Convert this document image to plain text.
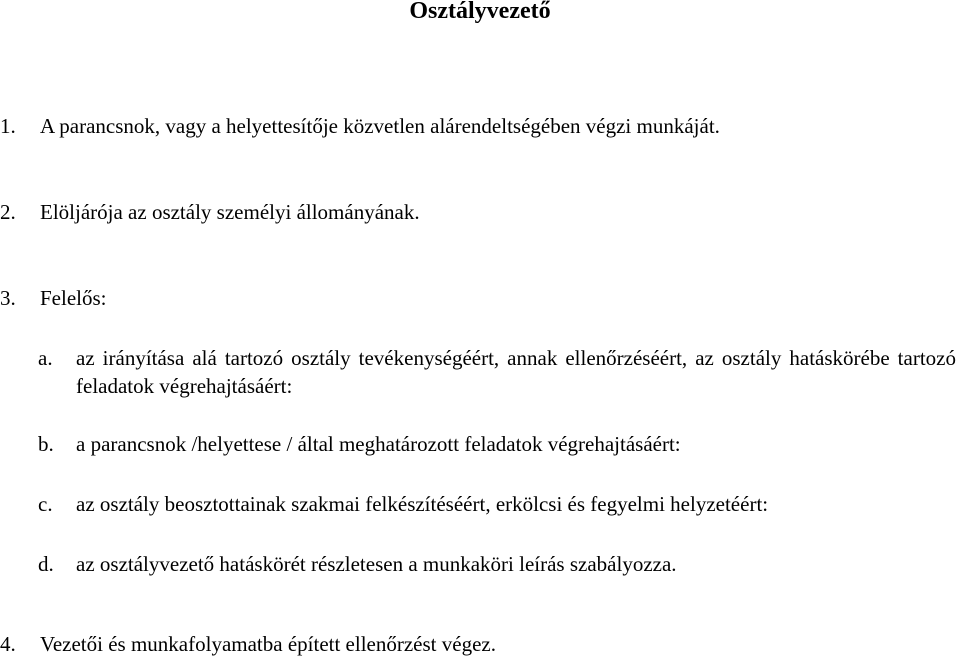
Osztályvezető
1. A parancsnok, vagy a helyettesítője közvetlen alárendeltségében végzi munkáját.
2. Elöljárója az osztály személyi állományának.
3. Felelős:
a. az irányítása alá tartozó osztály tevékenységéért, annak ellenőrzéséért, az osztály hatáskörébe tartozó feladatok végrehajtásáért:
b. a parancsnok /helyettese / által meghatározott feladatok végrehajtásáért:
c. az osztály beosztottainak szakmai felkészítéséért, erkölcsi és fegyelmi helyzetéért:
d. az osztályvezető hatáskörét részletesen a munkaköri leírás szabályozza.
4. Vezetői és munkafolyamatba épített ellenőrzést végez.
